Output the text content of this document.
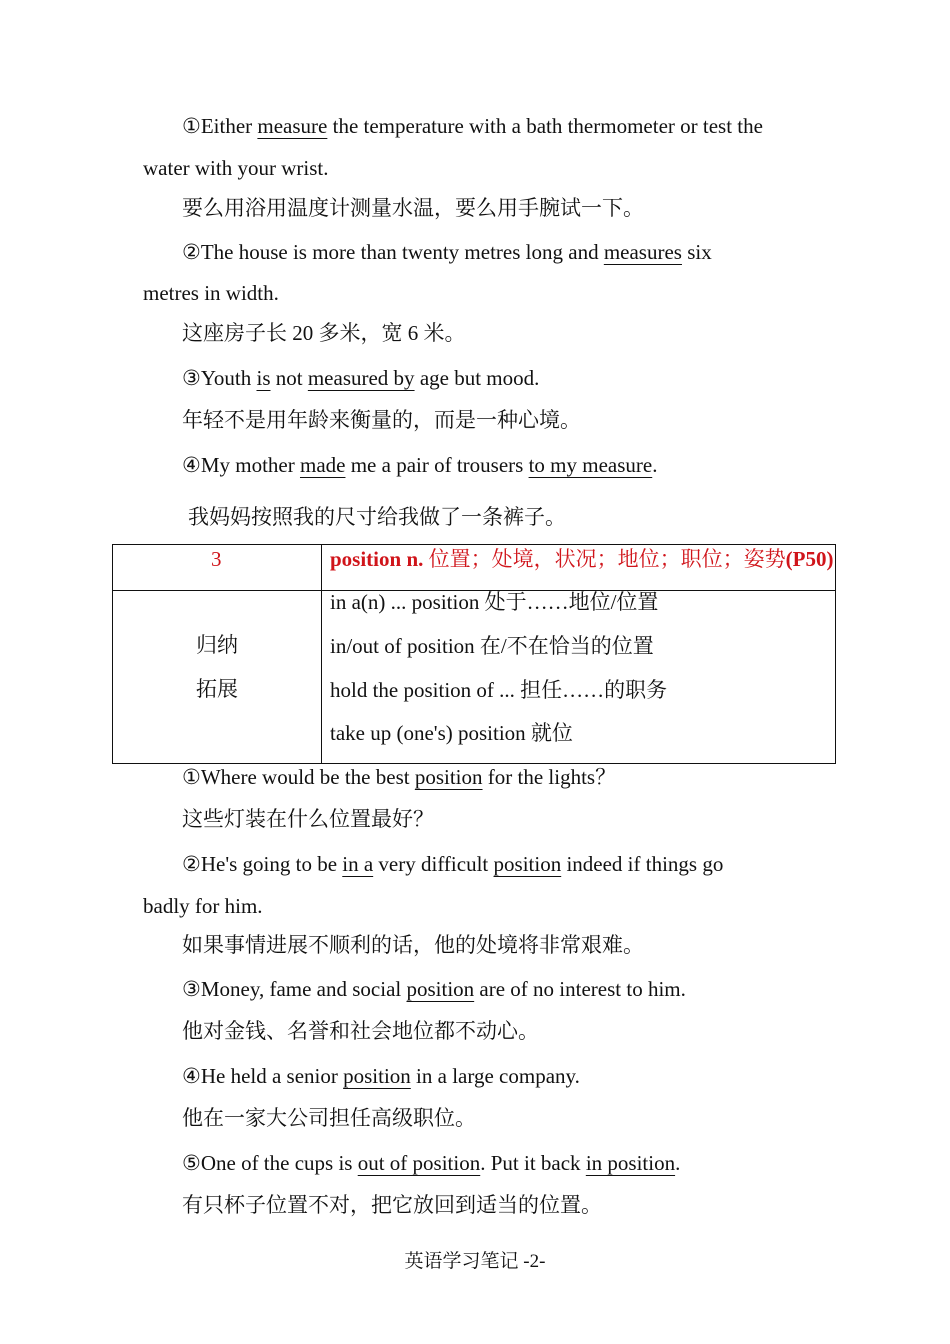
①Either measure the temperature with a bath thermometer or test the
water with your wrist.
要么用浴用温度计测量水温，要么用手腕试一下。
②The house is more than twenty metres long and measures six
metres in width.
这座房子长 20 多米，宽 6 米。
③Youth is not measured by age but mood.
年轻不是用年龄来衡量的，而是一种心境。
④My mother made me a pair of trousers to my measure.
我妈妈按照我的尺寸给我做了一条裤子。
3	position n. 位置；处境，状况；地位；职位；姿势(P50)
归纳
拓展
in a(n) ... position 处于……地位/位置
in/out of position 在/不在恰当的位置
hold the position of ... 担任……的职务
take up (one's) position 就位
①Where would be the best position for the lights？
这些灯装在什么位置最好？
②He's going to be in a very difficult position indeed if things go
badly for him.
如果事情进展不顺利的话，他的处境将非常艰难。
③Money, fame and social position are of no interest to him.
他对金钱、名誉和社会地位都不动心。
④He held a senior position in a large company.
他在一家大公司担任高级职位。
⑤One of the cups is out of position. Put it back in position.
有只杯子位置不对，把它放回到适当的位置。
英语学习笔记 -2-
